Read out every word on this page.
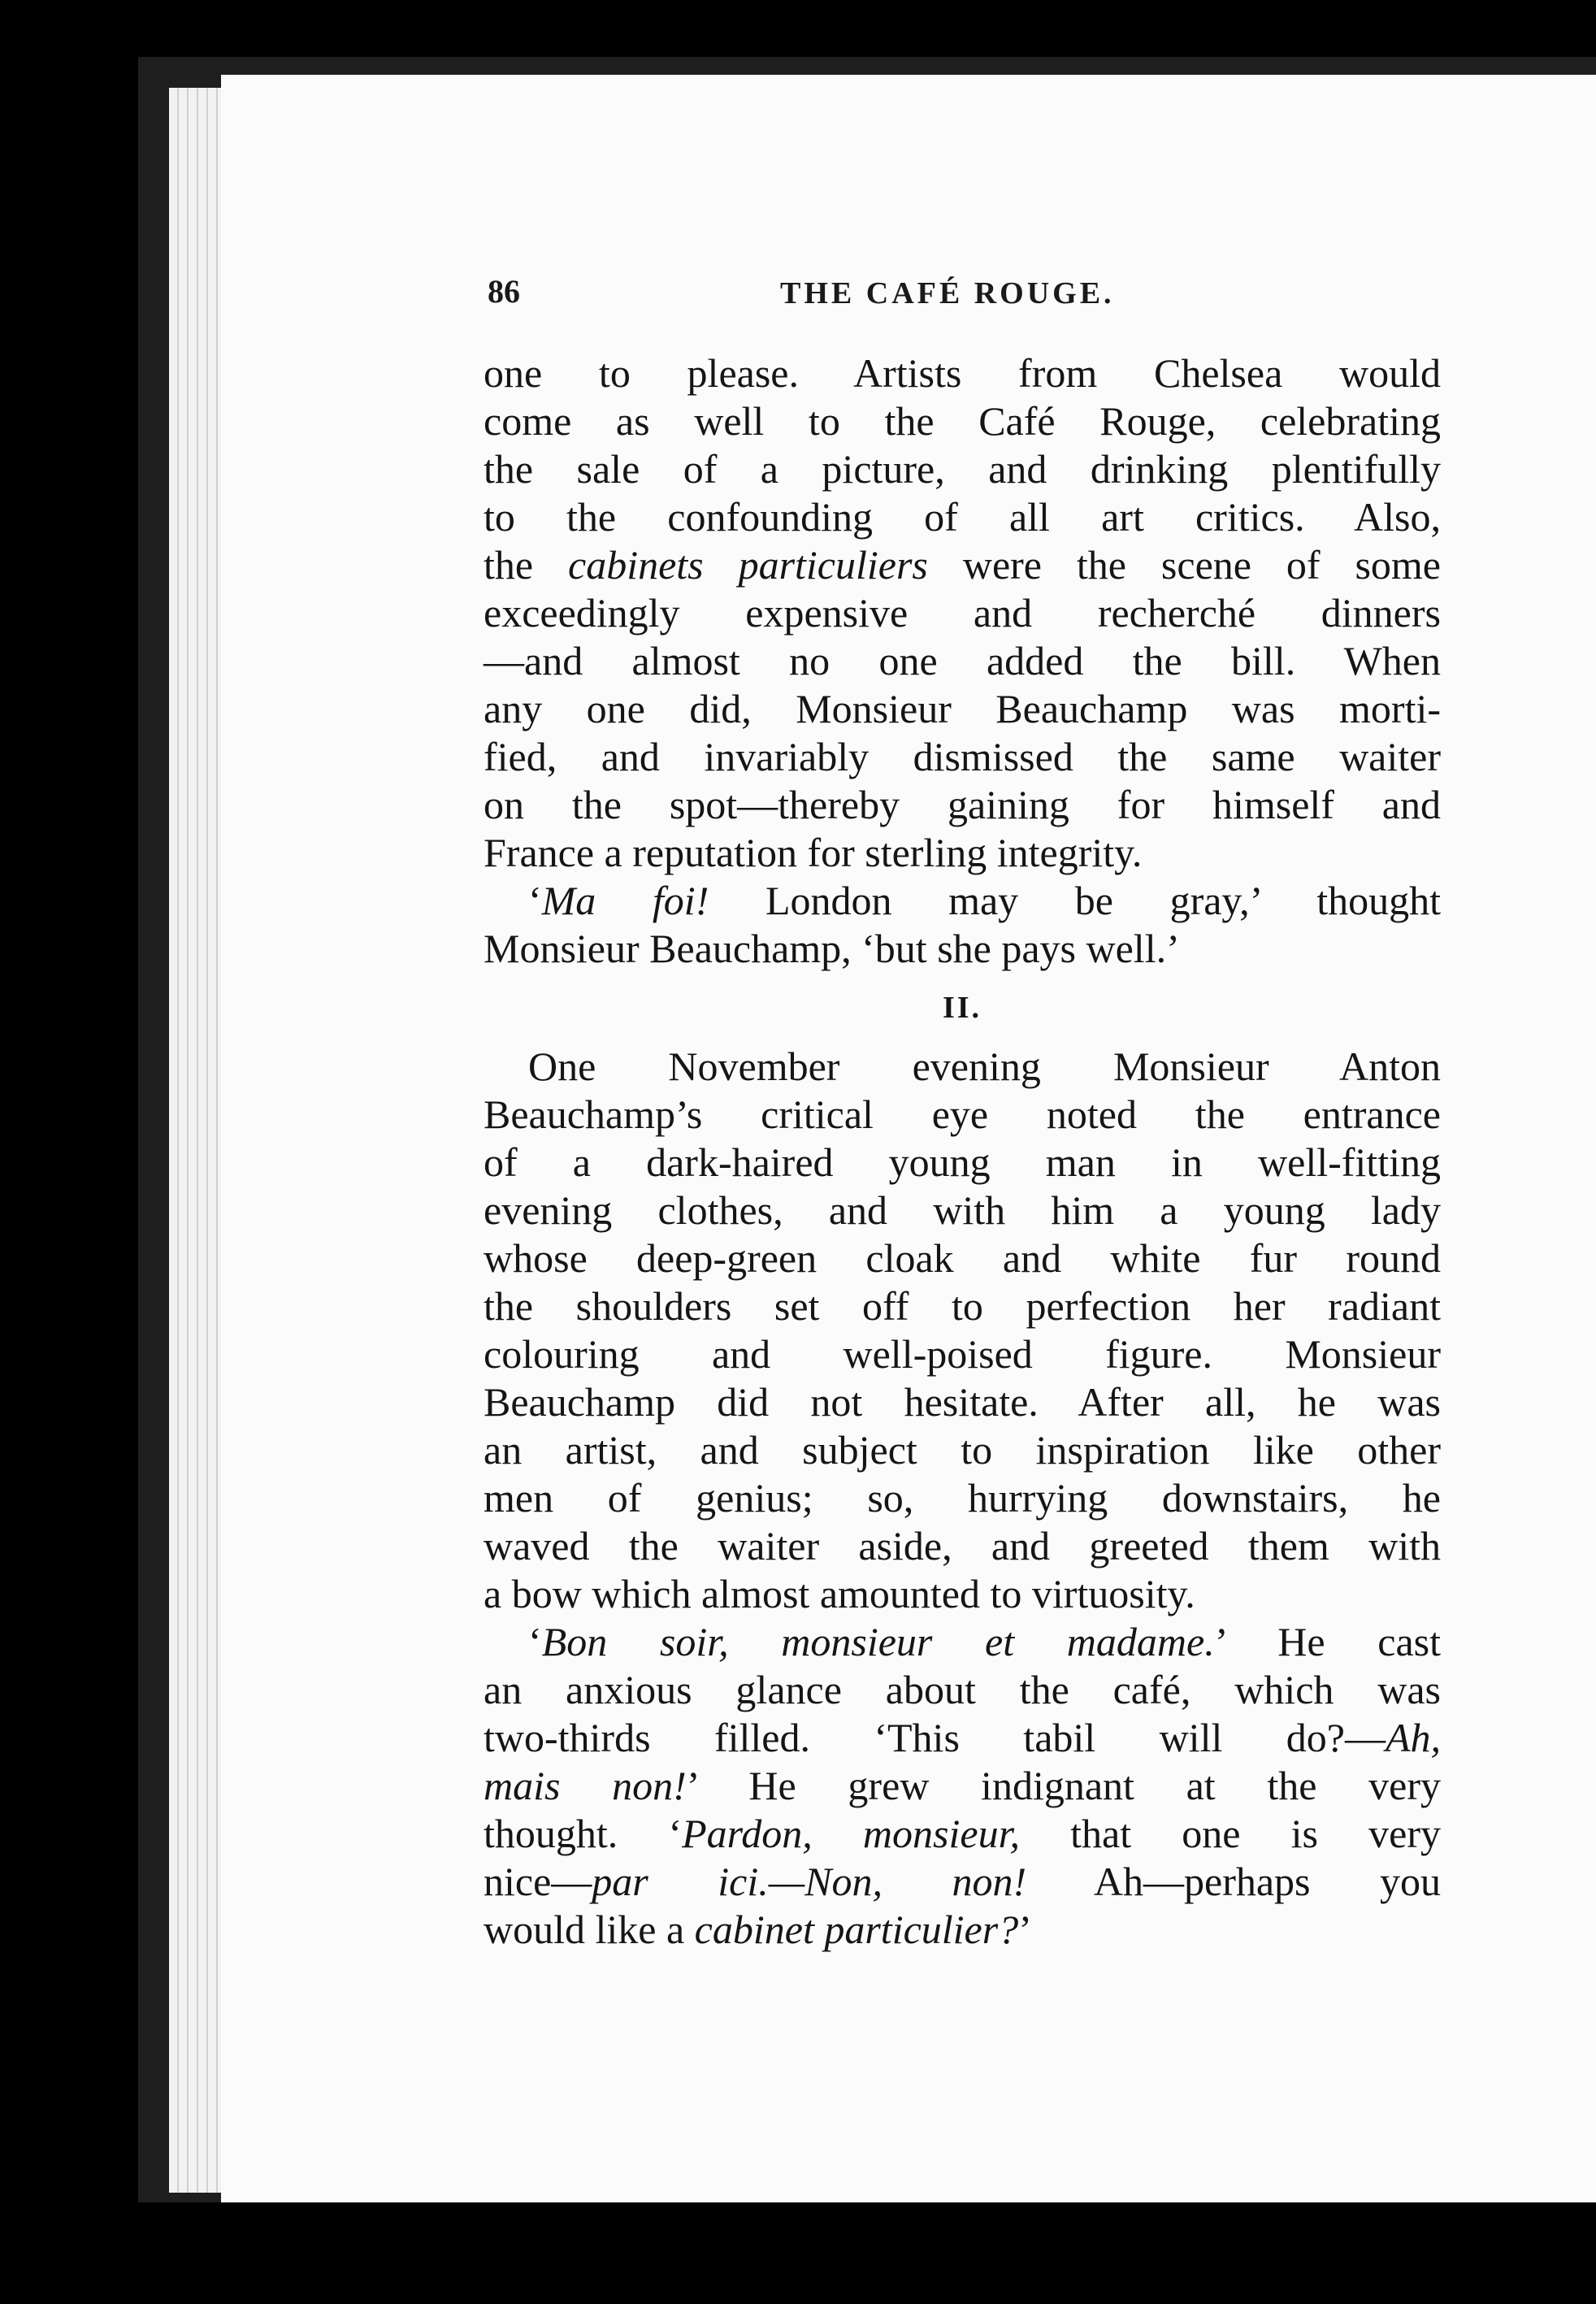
86	THE CAFÉ ROUGE.

one to please. Artists from Chelsea would

come as well to the Café Rouge, celebrating

the sale of a picture, and drinking plentifully

to the confounding of all art critics. Also,

the cabinets particuliers were the scene of some

exceedingly expensive and recherché dinners

—and almost no one added the bill. When

any one did, Monsieur Beauchamp was morti-

fied, and invariably dismissed the same waiter

on the spot—thereby gaining for himself and

France a reputation for sterling integrity.

‘Ma foi! London may be gray,’ thought

Monsieur Beauchamp, ‘but she pays well.’

II.

One November evening Monsieur Anton

Beauchamp’s critical eye noted the entrance

of a dark-haired young man in well-fitting

evening clothes, and with him a young lady

whose deep-green cloak and white fur round

the shoulders set off to perfection her radiant

colouring and well-poised figure. Monsieur

Beauchamp did not hesitate. After all, he was

an artist, and subject to inspiration like other

men of genius; so, hurrying downstairs, he

waved the waiter aside, and greeted them with

a bow which almost amounted to virtuosity.

‘Bon soir, monsieur et madame.’ He cast

an anxious glance about the café, which was

two-thirds filled. ‘This tabil will do?—Ah,

mais non!’ He grew indignant at the very

thought. ‘Pardon, monsieur, that one is very

nice—par ici.—Non, non! Ah—perhaps you

would like a cabinet particulier?’
